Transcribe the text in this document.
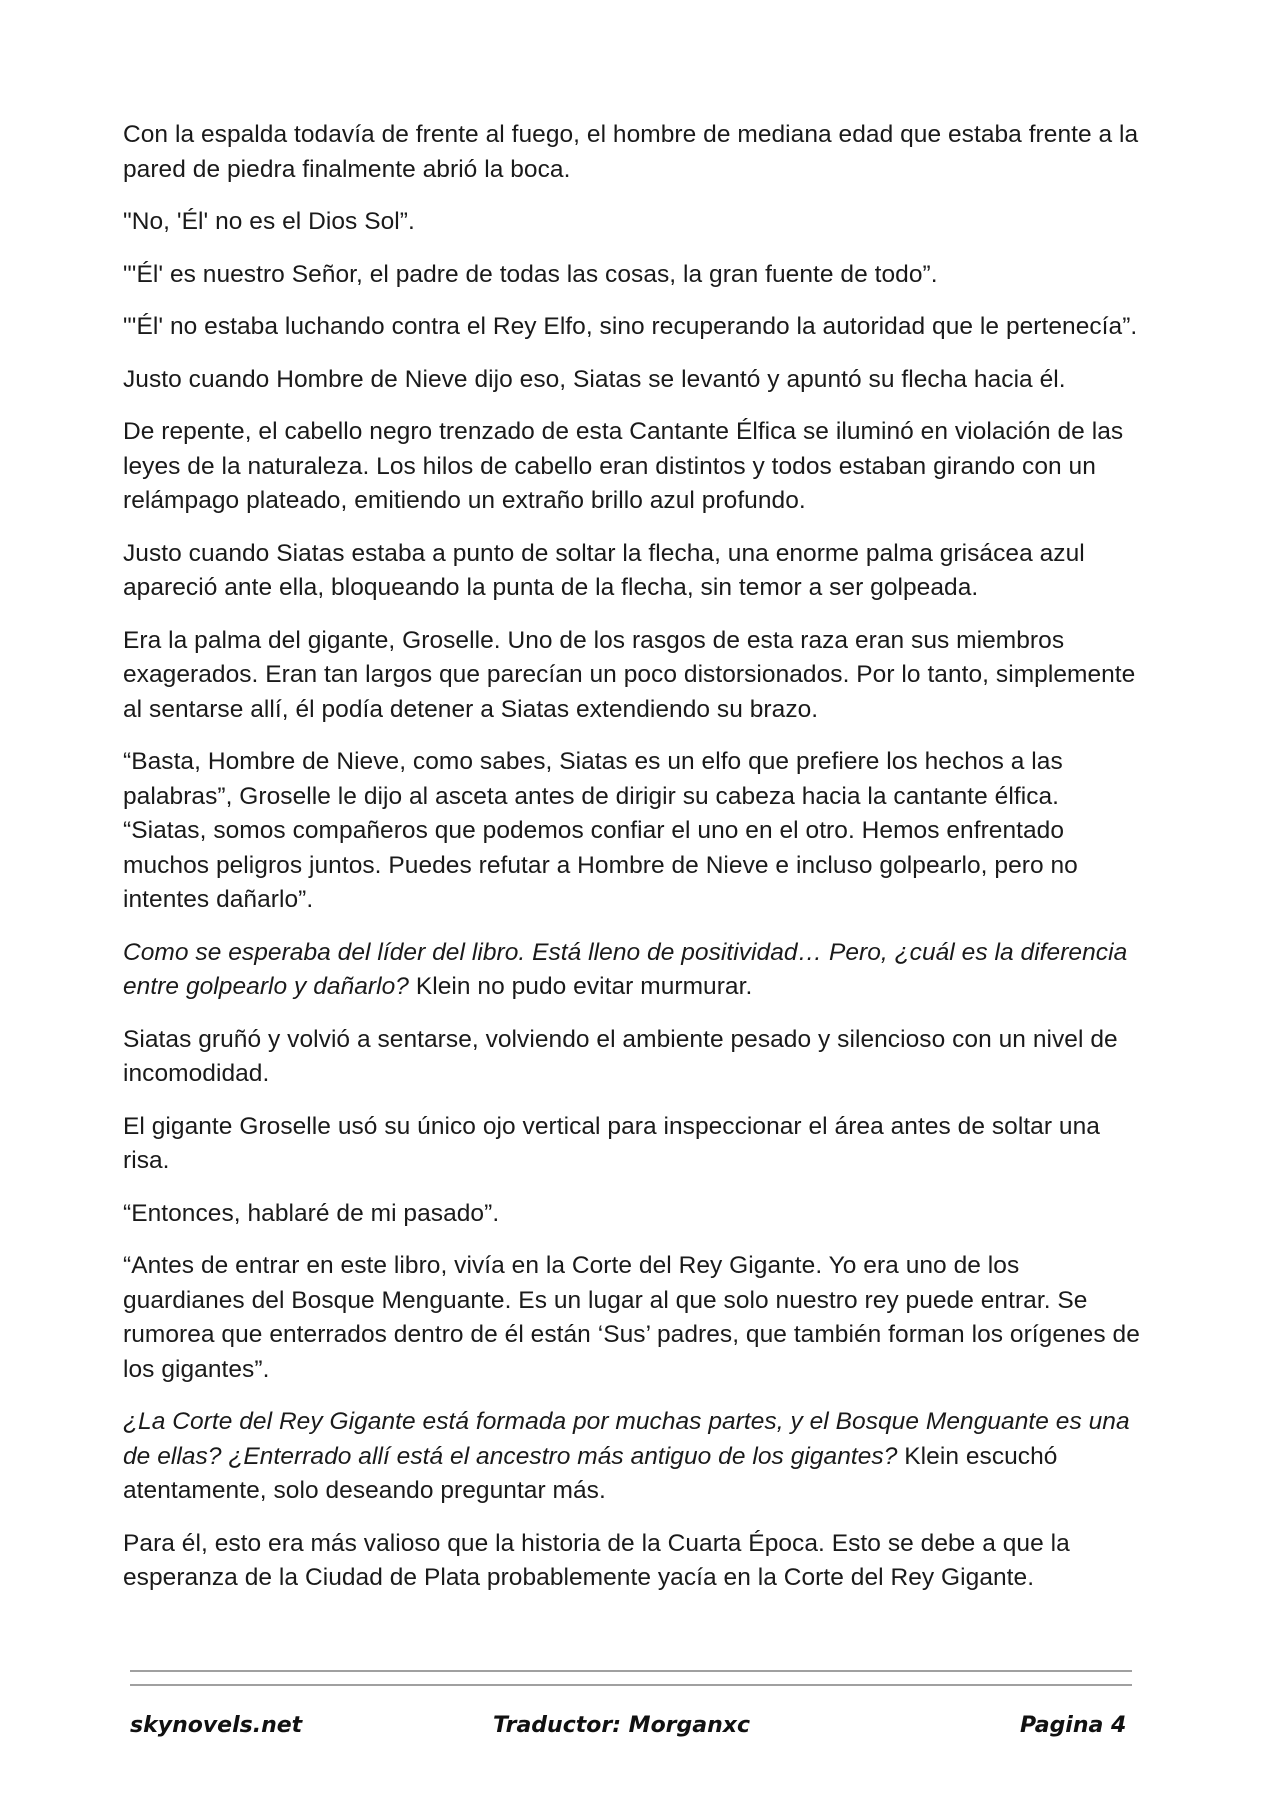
Con la espalda todavía de frente al fuego, el hombre de mediana edad que estaba frente a la pared de piedra finalmente abrió la boca.

"No, 'Él' no es el Dios Sol”.

"'Él' es nuestro Señor, el padre de todas las cosas, la gran fuente de todo”.

"'Él' no estaba luchando contra el Rey Elfo, sino recuperando la autoridad que le pertenecía”.

Justo cuando Hombre de Nieve dijo eso, Siatas se levantó y apuntó su flecha hacia él.

De repente, el cabello negro trenzado de esta Cantante Élfica se iluminó en violación de las leyes de la naturaleza. Los hilos de cabello eran distintos y todos estaban girando con un relámpago plateado, emitiendo un extraño brillo azul profundo.

Justo cuando Siatas estaba a punto de soltar la flecha, una enorme palma grisácea azul apareció ante ella, bloqueando la punta de la flecha, sin temor a ser golpeada.

Era la palma del gigante, Groselle. Uno de los rasgos de esta raza eran sus miembros exagerados. Eran tan largos que parecían un poco distorsionados. Por lo tanto, simplemente al sentarse allí, él podía detener a Siatas extendiendo su brazo.

“Basta, Hombre de Nieve, como sabes, Siatas es un elfo que prefiere los hechos a las palabras”, Groselle le dijo al asceta antes de dirigir su cabeza hacia la cantante élfica. “Siatas, somos compañeros que podemos confiar el uno en el otro. Hemos enfrentado muchos peligros juntos. Puedes refutar a Hombre de Nieve e incluso golpearlo, pero no intentes dañarlo”.

Como se esperaba del líder del libro. Está lleno de positividad… Pero, ¿cuál es la diferencia entre golpearlo y dañarlo? Klein no pudo evitar murmurar.

Siatas gruñó y volvió a sentarse, volviendo el ambiente pesado y silencioso con un nivel de incomodidad.

El gigante Groselle usó su único ojo vertical para inspeccionar el área antes de soltar una risa.

“Entonces, hablaré de mi pasado”.

“Antes de entrar en este libro, vivía en la Corte del Rey Gigante. Yo era uno de los guardianes del Bosque Menguante. Es un lugar al que solo nuestro rey puede entrar. Se rumorea que enterrados dentro de él están ‘Sus’ padres, que también forman los orígenes de los gigantes”.

¿La Corte del Rey Gigante está formada por muchas partes, y el Bosque Menguante es una de ellas? ¿Enterrado allí está el ancestro más antiguo de los gigantes? Klein escuchó atentamente, solo deseando preguntar más.

Para él, esto era más valioso que la historia de la Cuarta Época. Esto se debe a que la esperanza de la Ciudad de Plata probablemente yacía en la Corte del Rey Gigante.

skynovels.net	Traductor: Morganxc	Pagina 4
